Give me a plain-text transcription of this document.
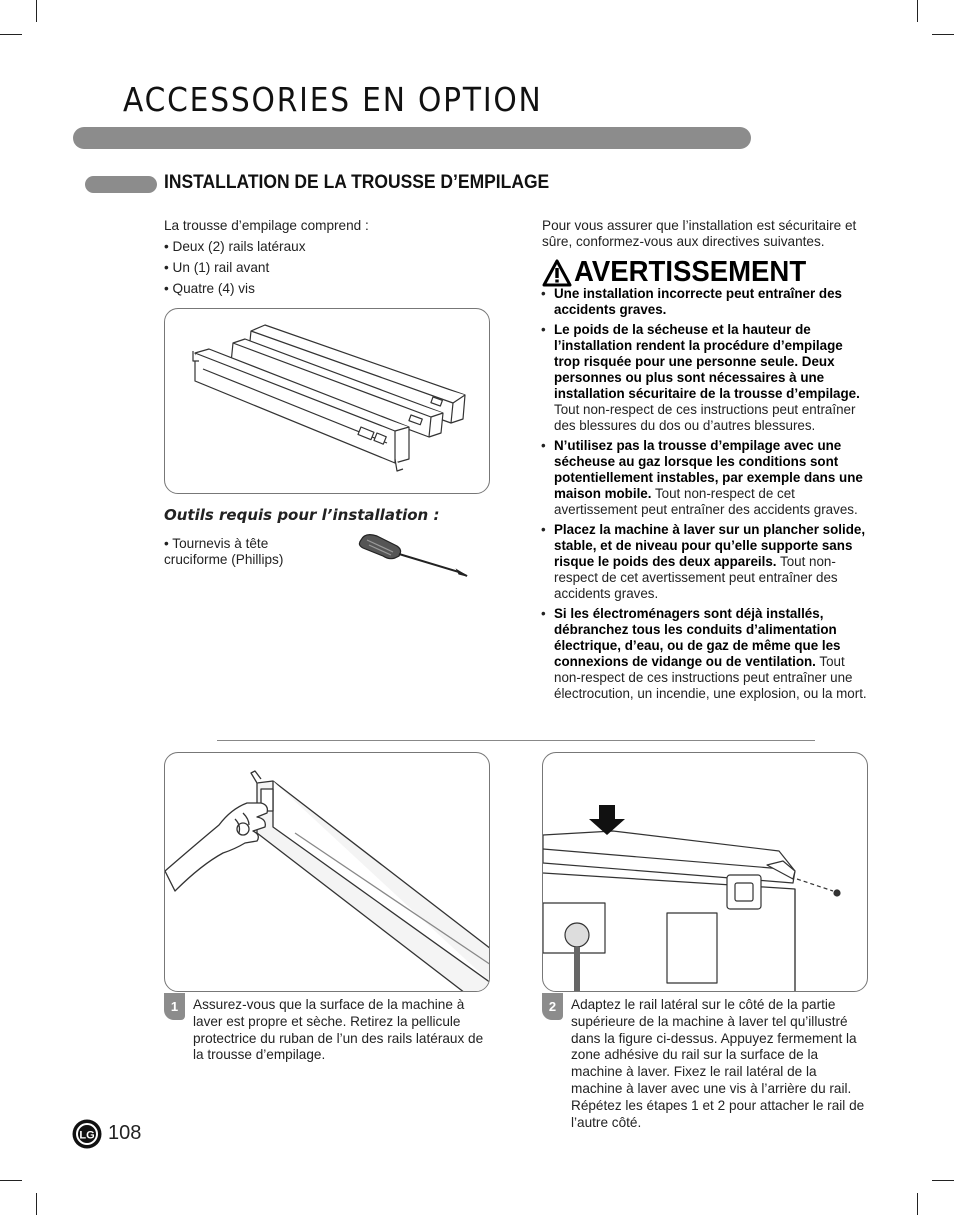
ACCESSORIES EN OPTION
INSTALLATION DE LA TROUSSE D’EMPILAGE
La trousse d’empilage comprend :
• Deux (2) rails latéraux
• Un (1) rail avant
• Quatre (4) vis
Outils requis pour l’installation :
• Tournevis à tête cruciforme (Phillips)
Pour vous assurer que l’installation est sécuritaire et sûre, conformez-vous aux directives suivantes.
AVERTISSEMENT
• Une installation incorrecte peut entraîner des accidents graves.
• Le poids de la sécheuse et la hauteur de l’installation rendent la procédure d’empilage trop risquée pour une personne seule. Deux personnes ou plus sont nécessaires à une installation sécuritaire de la trousse d’empilage. Tout non-respect de ces instructions peut entraîner des blessures du dos ou d’autres blessures.
• N’utilisez pas la trousse d’empilage avec une sécheuse au gaz lorsque les conditions sont potentiellement instables, par exemple dans une maison mobile. Tout non-respect de cet avertissement peut entraîner des accidents graves.
• Placez la machine à laver sur un plancher solide, stable, et de niveau pour qu’elle supporte sans risque le poids des deux appareils. Tout non-respect de cet avertissement peut entraîner des accidents graves.
• Si les électroménagers sont déjà installés, débranchez tous les conduits d’alimentation électrique, d’eau, ou de gaz de même que les connexions de vidange ou de ventilation. Tout non-respect de ces instructions peut entraîner une électrocution, un incendie, une explosion, ou la mort.
1	Assurez-vous que la surface de la machine à laver est propre et sèche. Retirez la pellicule protectrice du ruban de l’un des rails latéraux de la trousse d’empilage.
2	Adaptez le rail latéral sur le côté de la partie supérieure de la machine à laver tel qu’illustré dans la figure ci-dessus. Appuyez fermement la zone adhésive du rail sur la surface de la machine à laver. Fixez le rail latéral de la machine à laver avec une vis à l’arrière du rail. Répétez les étapes 1 et 2 pour attacher le rail de l’autre côté.
LG 108
